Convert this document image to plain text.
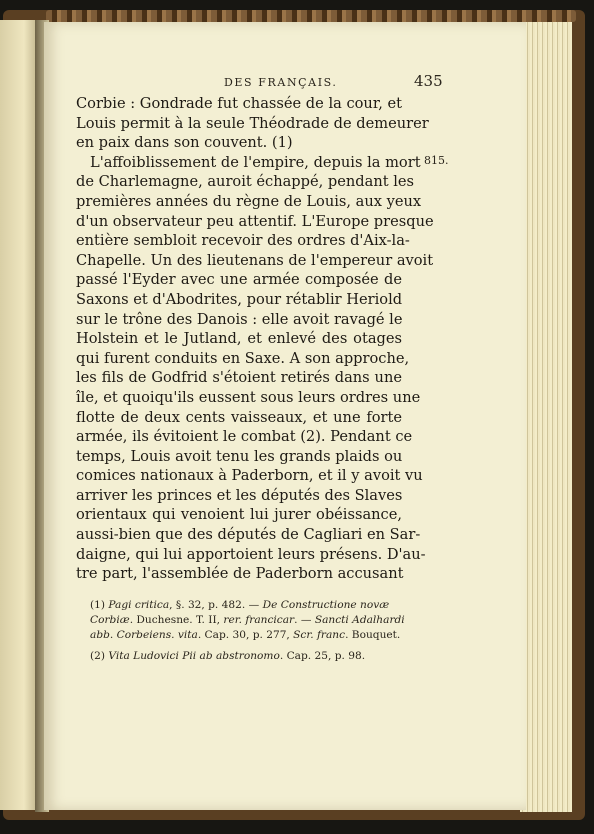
DES FRANÇAIS.	435
815.
Corbie : Gondrade fut chassée de la cour, et
Louis permit à la seule Théodrade de demeurer
en paix dans son couvent. (1)
L'affoiblissement de l'empire, depuis la mort
de Charlemagne, auroit échappé, pendant les
premières années du règne de Louis, aux yeux
d'un observateur peu attentif. L'Europe presque
entière sembloit recevoir des ordres d'Aix-la-
Chapelle. Un des lieutenans de l'empereur avoit
passé l'Eyder avec une armée composée de
Saxons et d'Abodrites, pour rétablir Heriold
sur le trône des Danois : elle avoit ravagé le
Holstein et le Jutland, et enlevé des otages
qui furent conduits en Saxe. A son approche,
les fils de Godfrid s'étoient retirés dans une
île, et quoiqu'ils eussent sous leurs ordres une
flotte de deux cents vaisseaux, et une forte
armée, ils évitoient le combat (2). Pendant ce
temps, Louis avoit tenu les grands plaids ou
comices nationaux à Paderborn, et il y avoit vu
arriver les princes et les députés des Slaves
orientaux qui venoient lui jurer obéissance,
aussi-bien que des députés de Cagliari en Sar-
daigne, qui lui apportoient leurs présens. D'au-
tre part, l'assemblée de Paderborn accusant
(1) Pagi critica, §. 32, p. 482. — De Constructione novæ
Corbiæ. Duchesne. T. II, rer. francicar. — Sancti Adalhardi
abb. Corbeiens. vita. Cap. 30, p. 277, Scr. franc. Bouquet.
(2) Vita Ludovici Pii ab abstronomo. Cap. 25, p. 98.
